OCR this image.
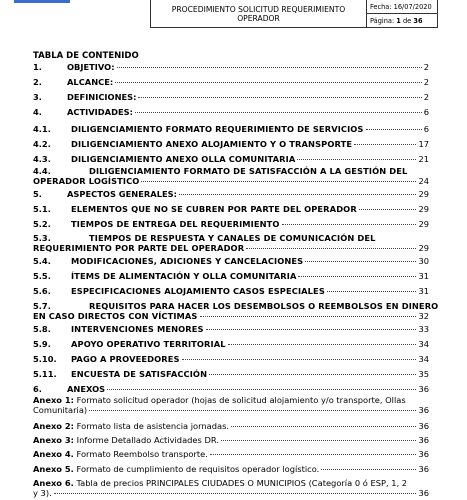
PROCEDIMIENTO SOLICITUD REQUERIMIENTO
OPERADOR
Fecha:
16/07/2020
Página:
1
de
36
TABLA DE CONTENIDO
1.	OBJETIVO:	2
2.	ALCANCE:	2
3.	DEFINICIONES:	2
4.	ACTIVIDADES:	6
4.1.	DILIGENCIAMIENTO FORMATO REQUERIMIENTO DE SERVICIOS	6
4.2.	DILIGENCIAMIENTO ANEXO ALOJAMIENTO Y O TRANSPORTE	17
4.3.	DILIGENCIAMIENTO ANEXO OLLA COMUNITARIA	21
4.4.	DILIGENCIAMIENTO FORMATO DE SATISFACCIÓN A LA GESTIÓN DEL
OPERADOR LOGÍSTICO	24
5.	ASPECTOS GENERALES:	29
5.1.	ELEMENTOS QUE NO SE CUBREN POR PARTE DEL OPERADOR	29
5.2.	TIEMPOS DE ENTREGA DEL REQUERIMIENTO	29
5.3.	TIEMPOS DE RESPUESTA Y CANALES DE COMUNICACIÓN DEL
REQUERIMIENTO POR PARTE DEL OPERADOR	29
5.4.	MODIFICACIONES, ADICIONES Y CANCELACIONES	30
5.5.	ÍTEMS DE ALIMENTACIÓN Y OLLA COMUNITARIA	31
5.6.	ESPECIFICACIONES ALOJAMIENTO CASOS ESPECIALES	31
5.7.	REQUISITOS PARA HACER LOS DESEMBOLSOS O REEMBOLSOS EN DINERO
EN CASO DIRECTOS CON VÍCTIMAS	32
5.8.	INTERVENCIONES MENORES	33
5.9.	APOYO OPERATIVO TERRITORIAL	34
5.10.	PAGO A PROVEEDORES	34
5.11.	ENCUESTA DE SATISFACCIÓN	35
6.	ANEXOS	36
Anexo 1:
Formato solicitud operador (hojas de solicitud alojamiento y/o transporte, Ollas
Comunitaria)	36
Anexo 2:
Formato lista de asistencia jornadas.	36
Anexo 3:
Informe Detallado Actividades DR.	36
Anexo 4.
Formato Reembolso transporte.	36
Anexo 5.
Formato de cumplimiento de requisitos operador logístico.	36
Anexo 6.
Tabla de precios PRINCIPALES CIUDADES O MUNICIPIOS (Categoría 0 ó ESP, 1, 2
y 3).	36
